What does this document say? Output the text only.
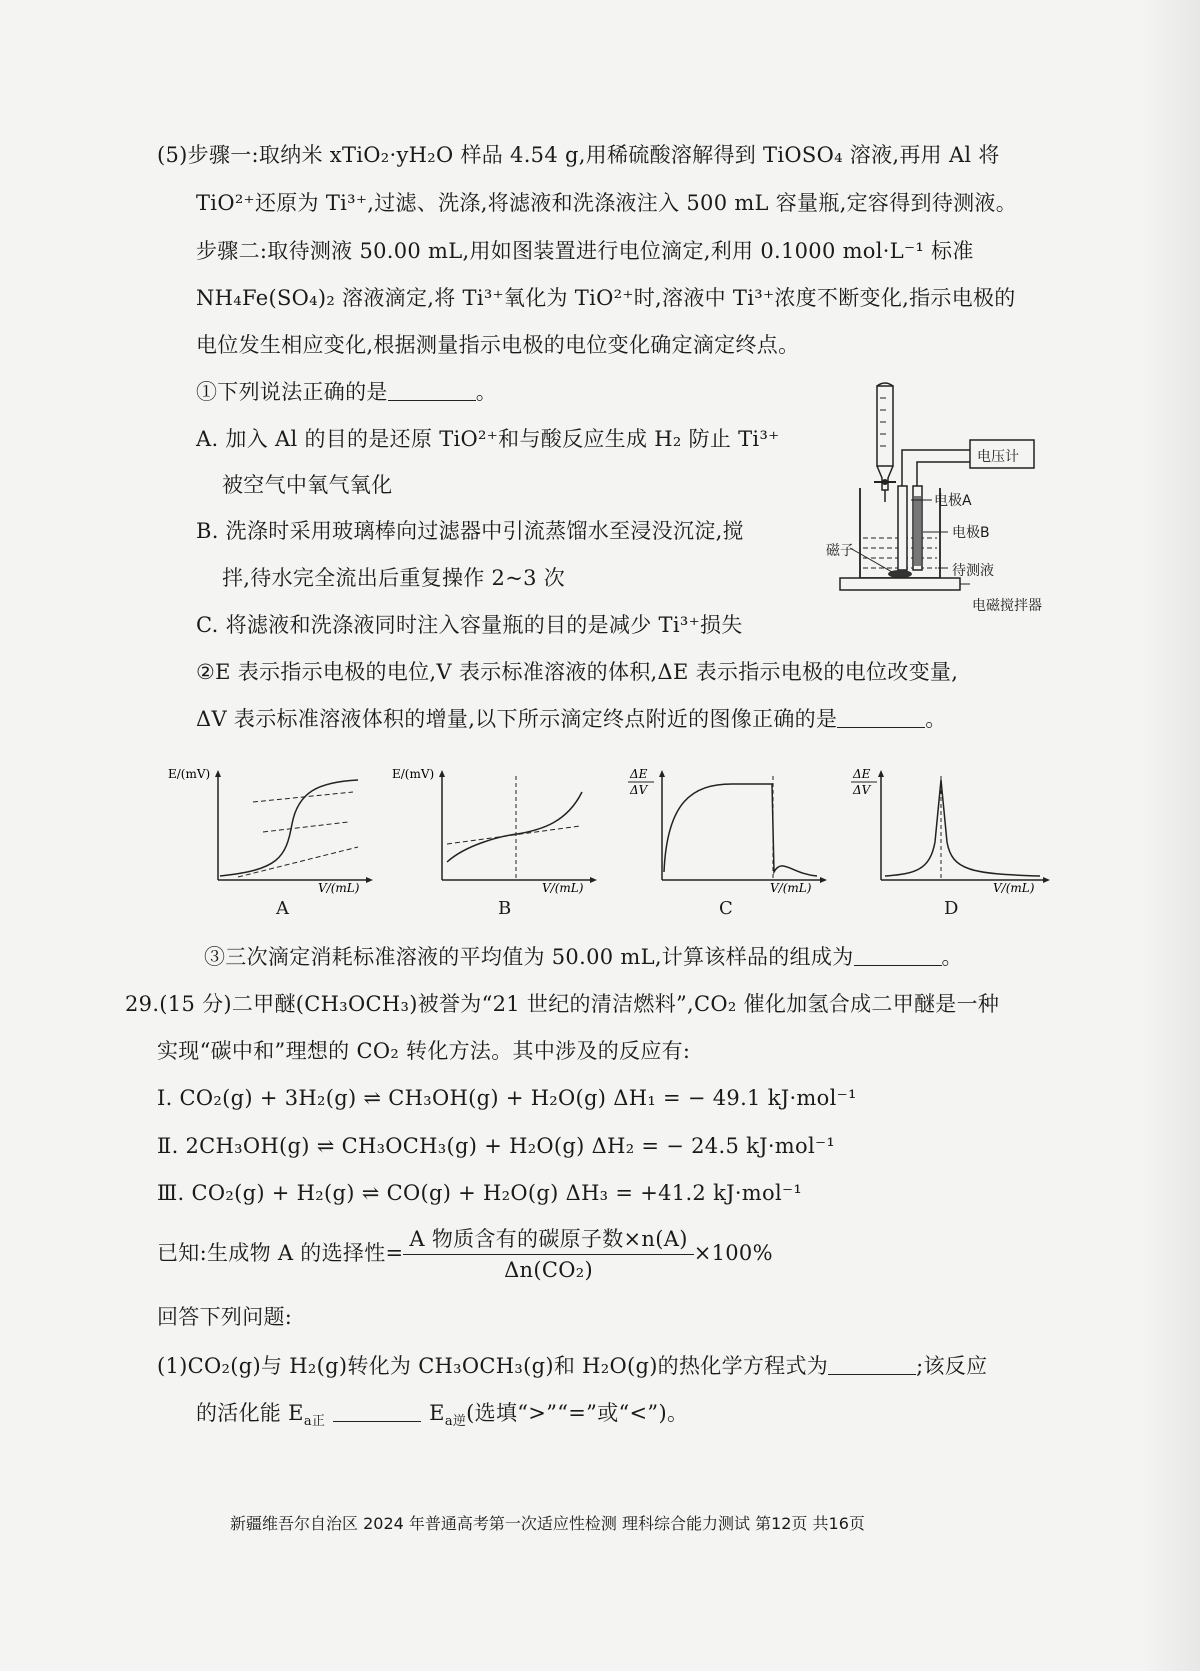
(5)步骤一:取纳米 xTiO₂·yH₂O 样品 4.54 g,用稀硫酸溶解得到 TiOSO₄ 溶液,再用 Al 将
TiO²⁺还原为 Ti³⁺,过滤、洗涤,将滤液和洗涤液注入 500 mL 容量瓶,定容得到待测液。
步骤二:取待测液 50.00 mL,用如图装置进行电位滴定,利用 0.1000 mol·L⁻¹ 标准
NH₄Fe(SO₄)₂ 溶液滴定,将 Ti³⁺氧化为 TiO²⁺时,溶液中 Ti³⁺浓度不断变化,指示电极的
电位发生相应变化,根据测量指示电极的电位变化确定滴定终点。
①下列说法正确的是	。
A. 加入 Al 的目的是还原 TiO²⁺和与酸反应生成 H₂ 防止 Ti³⁺
被空气中氧气氧化
B. 洗涤时采用玻璃棒向过滤器中引流蒸馏水至浸没沉淀,搅
拌,待水完全流出后重复操作 2~3 次
C. 将滤液和洗涤液同时注入容量瓶的目的是减少 Ti³⁺损失
电压计
电极A
电极B
磁子
待测液
电磁搅拌器
②E 表示指示电极的电位,V 表示标准溶液的体积,ΔE 表示指示电极的电位改变量,
ΔV 表示标准溶液体积的增量,以下所示滴定终点附近的图像正确的是	。
E/(mV)
V/(mL)
A
E/(mV)
V/(mL)
B
ΔE
ΔV
V/(mL)
C
ΔE
ΔV
V/(mL)
D
③三次滴定消耗标准溶液的平均值为 50.00 mL,计算该样品的组成为	。
29.(15 分)二甲醚(CH₃OCH₃)被誉为“21 世纪的清洁燃料”,CO₂ 催化加氢合成二甲醚是一种
实现“碳中和”理想的 CO₂ 转化方法。其中涉及的反应有:
Ⅰ. CO₂(g) + 3H₂(g) ⇌ CH₃OH(g) + H₂O(g) ΔH₁ = − 49.1 kJ·mol⁻¹
Ⅱ. 2CH₃OH(g) ⇌ CH₃OCH₃(g) + H₂O(g) ΔH₂ = − 24.5 kJ·mol⁻¹
Ⅲ. CO₂(g) + H₂(g) ⇌ CO(g) + H₂O(g) ΔH₃ = +41.2 kJ·mol⁻¹
已知:生成物 A 的选择性= $\frac{\text{A 物质含有的碳原子数×n(A)}}{\text{Δn(CO₂)}} \times 100\%$
回答下列问题:
(1)CO₂(g)与 H₂(g)转化为 CH₃OCH₃(g)和 H₂O(g)的热化学方程式为	;该反应
的活化能 $E_{a正}$	$E_{a逆}$(选填“>”“=”或“<”)。
新疆维吾尔自治区 2024 年普通高考第一次适应性检测 理科综合能力测试 第12页 共16页
